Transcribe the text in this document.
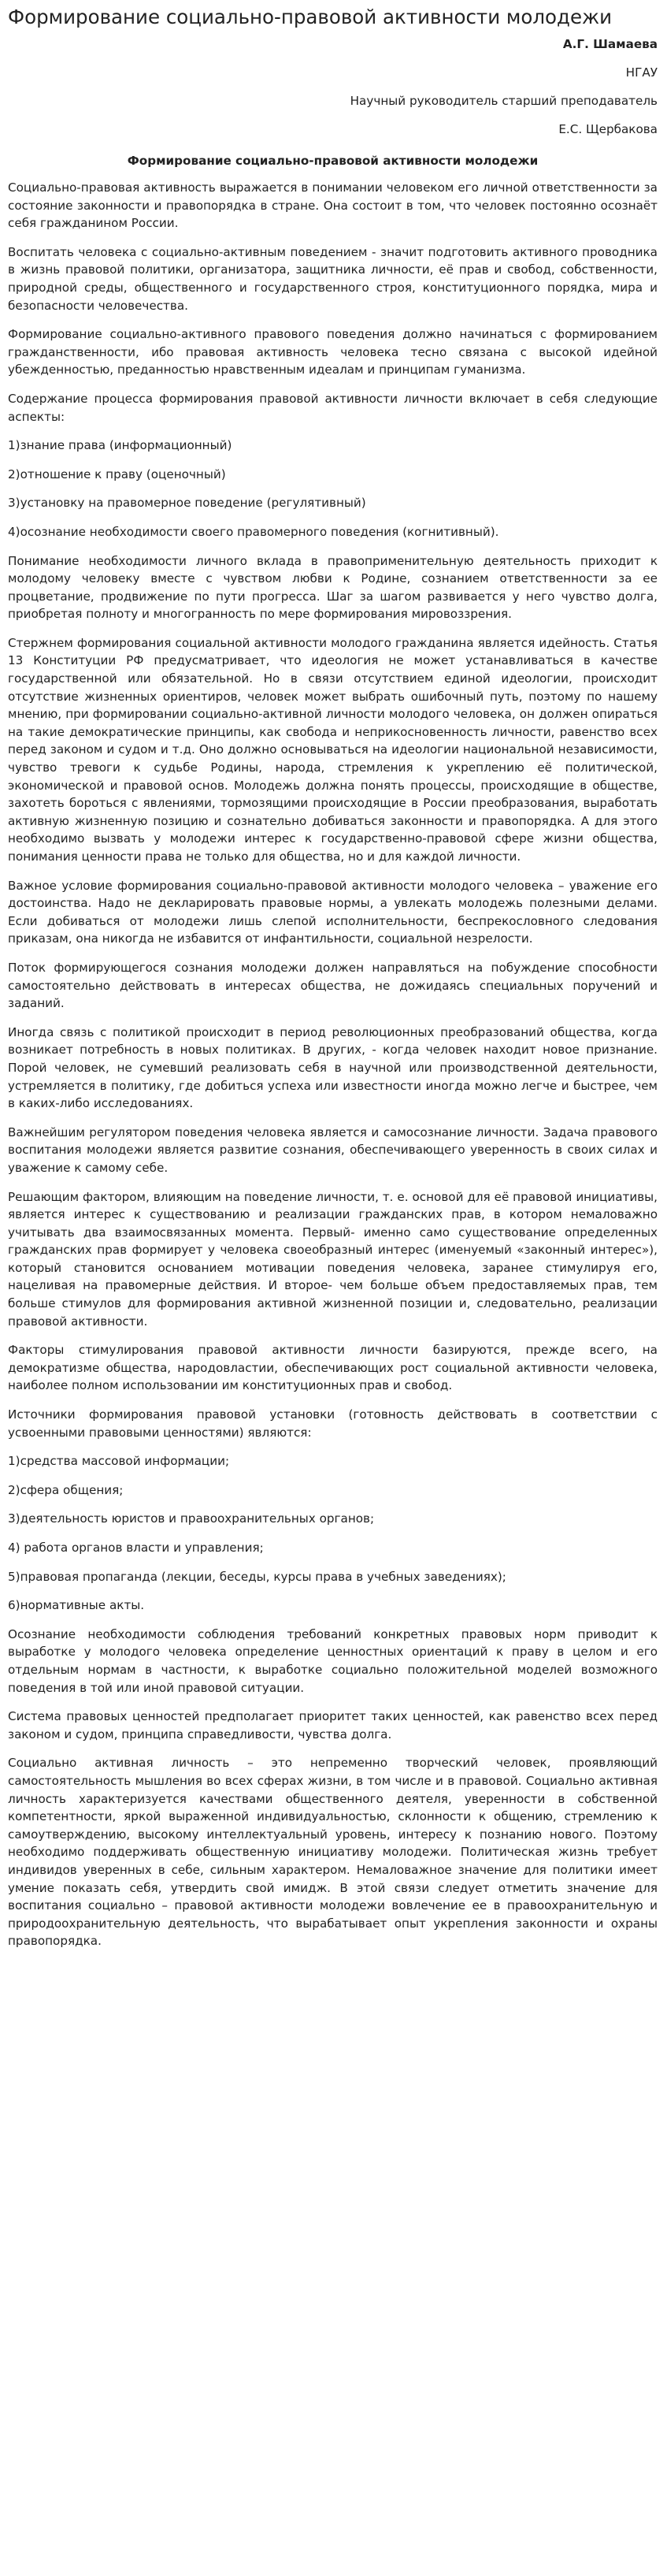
Формирование социально-правовой активности молодежи

А.Г. Шамаева

НГАУ

Научный руководитель старший преподаватель

Е.С. Щербакова

Формирование социально-правовой активности молодежи

Социально-правовая активность выражается в понимании человеком его личной ответственности за состояние законности и правопорядка в стране. Она состоит в том, что человек постоянно осознаёт себя гражданином России.

Воспитать человека с социально-активным поведением - значит подготовить активного проводника в жизнь правовой политики, организатора, защитника личности, её прав и свобод, собственности, природной среды, общественного и государственного строя, конституционного порядка, мира и безопасности человечества.

Формирование социально-активного правового поведения должно начинаться с формированием гражданственности, ибо правовая активность человека тесно связана с высокой идейной убежденностью, преданностью нравственным идеалам и принципам гуманизма.

Содержание процесса формирования правовой активности личности включает в себя следующие аспекты:

1)знание права (информационный)

2)отношение к праву (оценочный)

3)установку на правомерное поведение (регулятивный)

4)осознание необходимости своего правомерного поведения (когнитивный).

Понимание необходимости личного вклада в правоприменительную деятельность приходит к молодому человеку вместе с чувством любви к Родине, сознанием ответственности за ее процветание, продвижение по пути прогресса. Шаг за шагом развивается у него чувство долга, приобретая полноту и многогранность по мере формирования мировоззрения.

Стержнем формирования социальной активности молодого гражданина является идейность. Статья 13 Конституции РФ предусматривает, что идеология не может устанавливаться в качестве государственной или обязательной. Но в связи отсутствием единой идеологии, происходит отсутствие жизненных ориентиров, человек может выбрать ошибочный путь, поэтому по нашему мнению, при формировании социально-активной личности молодого человека, он должен опираться на такие демократические принципы, как свобода и неприкосновенность личности, равенство всех перед законом и судом и т.д. Оно должно основываться на идеологии национальной независимости, чувство тревоги к судьбе Родины, народа, стремления к укреплению её политической, экономической и правовой основ. Молодежь должна понять процессы, происходящие в обществе, захотеть бороться с явлениями, тормозящими происходящие в России преобразования, выработать активную жизненную позицию и сознательно добиваться законности и правопорядка. А для этого необходимо вызвать у молодежи интерес к государственно-правовой сфере жизни общества, понимания ценности права не только для общества, но и для каждой личности.

Важное условие формирования социально-правовой активности молодого человека – уважение его достоинства. Надо не декларировать правовые нормы, а увлекать молодежь полезными делами. Если добиваться от молодежи лишь слепой исполнительности, беспрекословного следования приказам, она никогда не избавится от инфантильности, социальной незрелости.

Поток формирующегося сознания молодежи должен направляться на побуждение способности самостоятельно действовать в интересах общества, не дожидаясь специальных поручений и заданий.

Иногда связь с политикой происходит в период революционных преобразований общества, когда возникает потребность в новых политиках. В других, - когда человек находит новое признание. Порой человек, не сумевший реализовать себя в научной или производственной деятельности, устремляется в политику, где добиться успеха или известности иногда можно легче и быстрее, чем в каких-либо исследованиях.

Важнейшим регулятором поведения человека является и самосознание личности. Задача правового воспитания молодежи является развитие сознания, обеспечивающего уверенность в своих силах и уважение к самому себе.

Решающим фактором, влияющим на поведение личности, т. е. основой для её правовой инициативы, является интерес к существованию и реализации гражданских прав, в котором немаловажно учитывать два взаимосвязанных момента. Первый- именно само существование определенных гражданских прав формирует у человека своеобразный интерес (именуемый «законный интерес»), который становится основанием мотивации поведения человека, заранее стимулируя его, нацеливая на правомерные действия. И второе- чем больше объем предоставляемых прав, тем больше стимулов для формирования активной жизненной позиции и, следовательно, реализации правовой активности.

Факторы стимулирования правовой активности личности базируются, прежде всего, на демократизме общества, народовластии, обеспечивающих рост социальной активности человека, наиболее полном использовании им конституционных прав и свобод.

Источники формирования правовой установки (готовность действовать в соответствии с усвоенными правовыми ценностями) являются:

1)средства массовой информации;

2)сфера общения;

3)деятельность юристов и правоохранительных органов;

4) работа органов власти и управления;

5)правовая пропаганда (лекции, беседы, курсы права в учебных заведениях);

6)нормативные акты.

Осознание необходимости соблюдения требований конкретных правовых норм приводит к выработке у молодого человека определение ценностных ориентаций к праву в целом и его отдельным нормам в частности, к выработке социально положительной моделей возможного поведения в той или иной правовой ситуации.

Система правовых ценностей предполагает приоритет таких ценностей, как равенство всех перед законом и судом, принципа справедливости, чувства долга.

Социально активная личность – это непременно творческий человек, проявляющий самостоятельность мышления во всех сферах жизни, в том числе и в правовой. Социально активная личность характеризуется качествами общественного деятеля, уверенности в собственной компетентности, яркой выраженной индивидуальностью, склонности к общению, стремлению к самоутверждению, высокому интеллектуальный уровень, интересу к познанию нового. Поэтому необходимо поддерживать общественную инициативу молодежи. Политическая жизнь требует индивидов уверенных в себе, сильным характером. Немаловажное значение для политики имеет умение показать себя, утвердить свой имидж. В этой связи следует отметить значение для воспитания социально – правовой активности молодежи вовлечение ее в правоохранительную и природоохранительную деятельность, что вырабатывает опыт укрепления законности и охраны правопорядка.
